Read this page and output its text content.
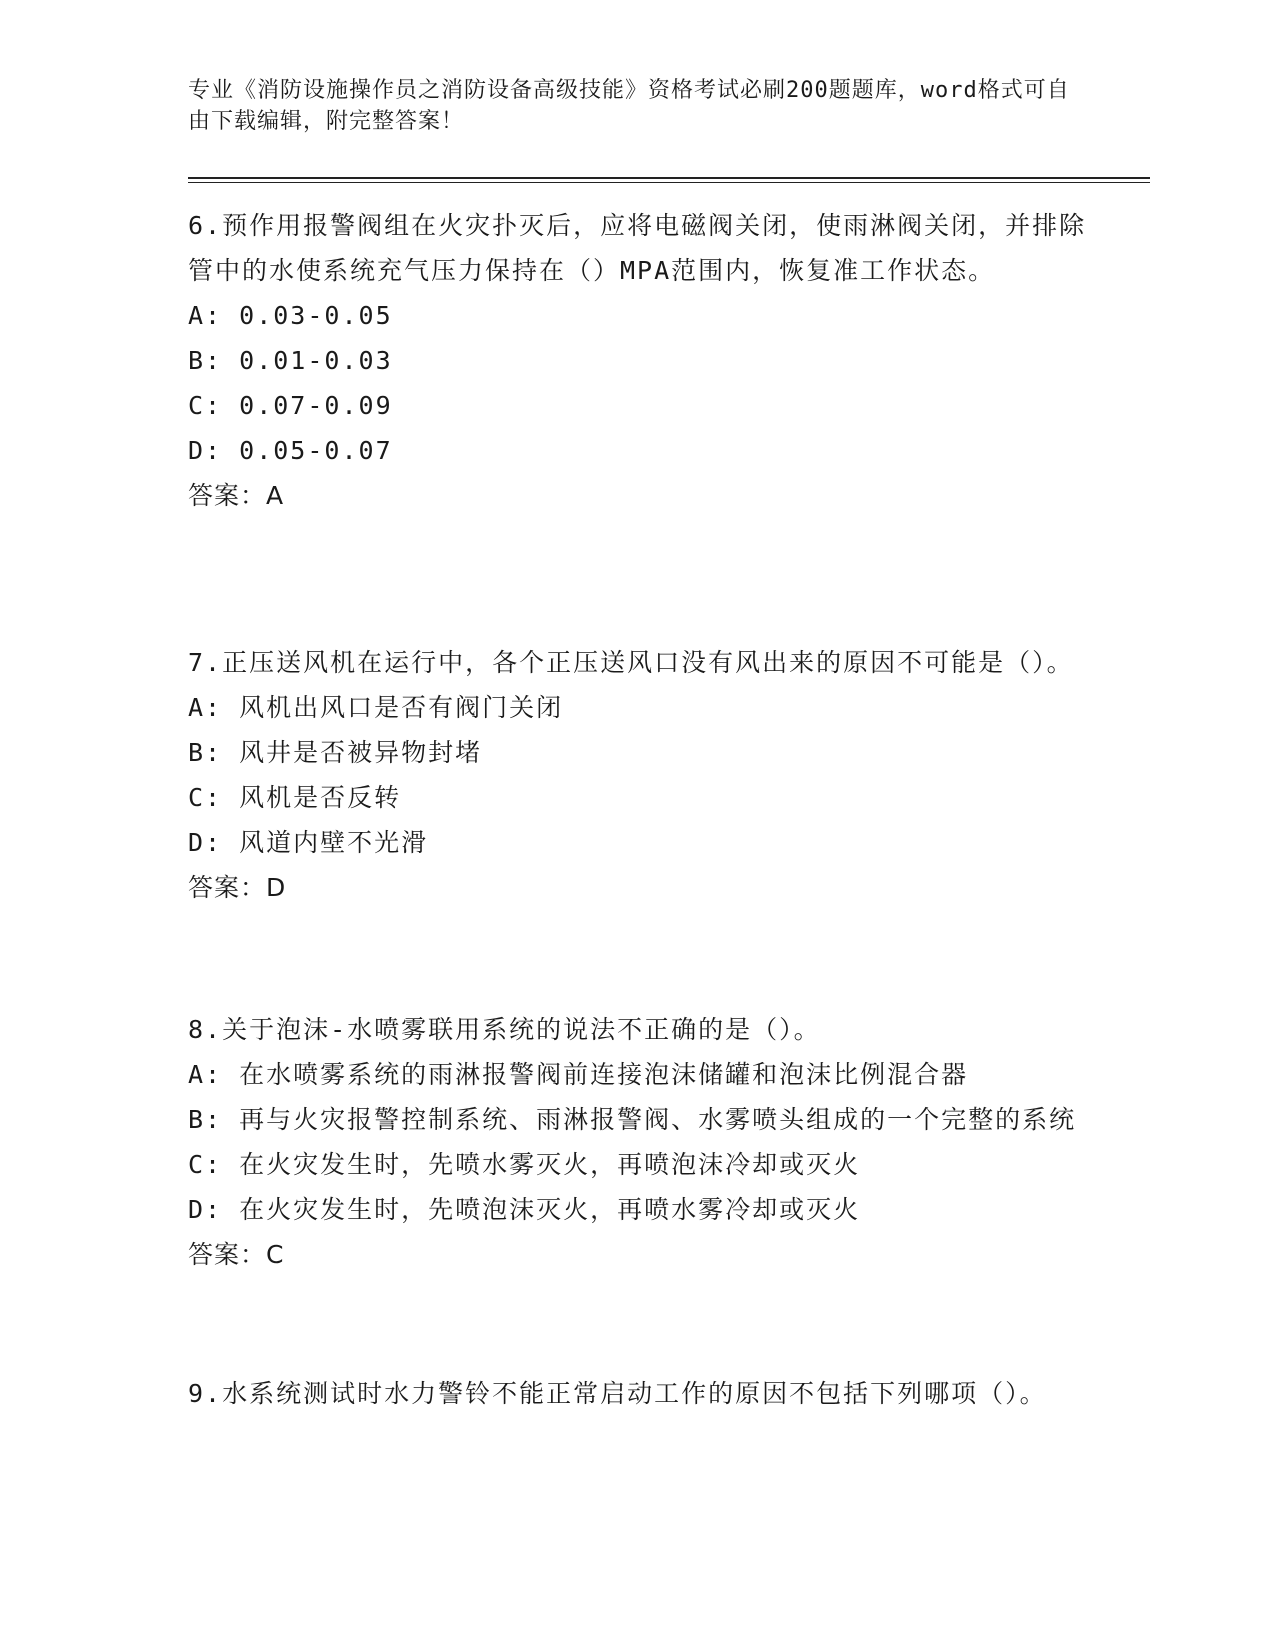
专业《消防设施操作员之消防设备高级技能》资格考试必刷200题题库，word格式可自由下载编辑，附完整答案！
6.预作用报警阀组在火灾扑灭后，应将电磁阀关闭，使雨淋阀关闭，并排除管中的水使系统充气压力保持在（）MPA范围内，恢复准工作状态。
A: 0.03-0.05
B: 0.01-0.03
C: 0.07-0.09
D: 0.05-0.07
答案：A
7.正压送风机在运行中，各个正压送风口没有风出来的原因不可能是（）。
A: 风机出风口是否有阀门关闭
B: 风井是否被异物封堵
C: 风机是否反转
D: 风道内壁不光滑
答案：D
8.关于泡沫-水喷雾联用系统的说法不正确的是（）。
A: 在水喷雾系统的雨淋报警阀前连接泡沫储罐和泡沫比例混合器
B: 再与火灾报警控制系统、雨淋报警阀、水雾喷头组成的一个完整的系统
C: 在火灾发生时，先喷水雾灭火，再喷泡沫冷却或灭火
D: 在火灾发生时，先喷泡沫灭火，再喷水雾冷却或灭火
答案：C
9.水系统测试时水力警铃不能正常启动工作的原因不包括下列哪项（）。
